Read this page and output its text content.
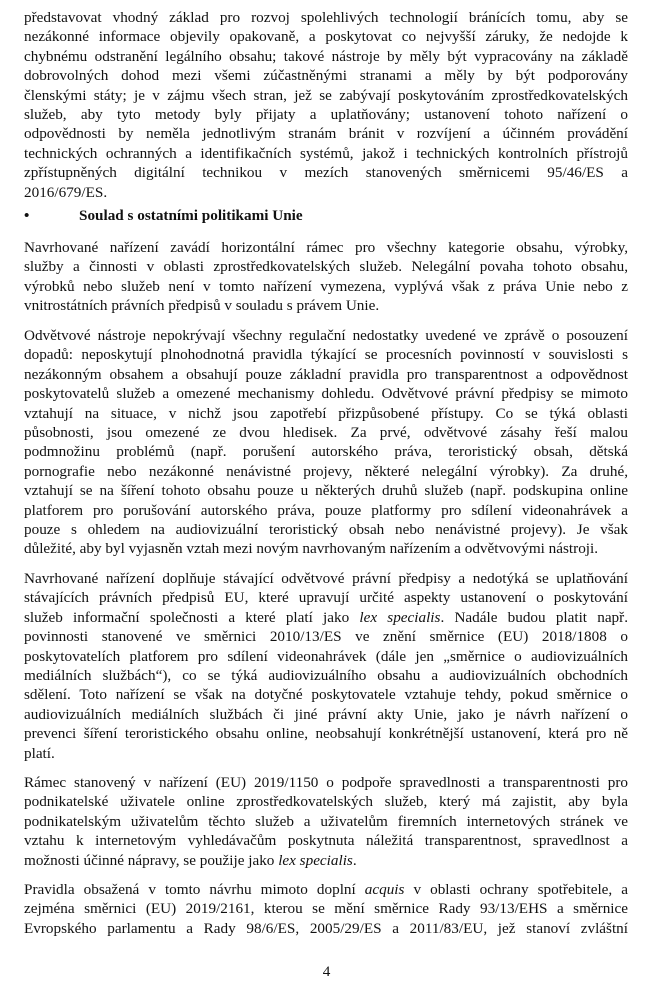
představovat vhodný základ pro rozvoj spolehlivých technologií bránících tomu, aby se
nezákonné informace objevily opakovaně, a poskytovat co nejvyšší záruky, že nedojde k
chybnému odstranění legálního obsahu; takové nástroje by měly být vypracovány na základě
dobrovolných dohod mezi všemi zúčastněnými stranami a měly by být podporovány
členskými státy; je v zájmu všech stran, jež se zabývají poskytováním zprostředkovatelských
služeb, aby tyto metody byly přijaty a uplatňovány; ustanovení tohoto nařízení o
odpovědnosti by neměla jednotlivým stranám bránit v rozvíjení a účinném provádění
technických ochranných a identifikačních systémů, jakož i technických kontrolních přístrojů
zpřístupněných digitální technikou v mezích stanovených směrnicemi 95/46/ES a
2016/679/ES.
•	Soulad s ostatními politikami Unie
Navrhované nařízení zavádí horizontální rámec pro všechny kategorie obsahu, výrobky,
služby a činnosti v oblasti zprostředkovatelských služeb. Nelegální povaha tohoto obsahu,
výrobků nebo služeb není v tomto nařízení vymezena, vyplývá však z práva Unie nebo z
vnitrostátních právních předpisů v souladu s právem Unie.
Odvětvové nástroje nepokrývají všechny regulační nedostatky uvedené ve zprávě o posouzení
dopadů: neposkytují plnohodnotná pravidla týkající se procesních povinností v souvislosti s
nezákonným obsahem a obsahují pouze základní pravidla pro transparentnost a odpovědnost
poskytovatelů služeb a omezené mechanismy dohledu. Odvětvové právní předpisy se mimoto
vztahují na situace, v nichž jsou zapotřebí přizpůsobené přístupy. Co se týká oblasti
působnosti, jsou omezené ze dvou hledisek. Za prvé, odvětvové zásahy řeší malou
podmnožinu problémů (např. porušení autorského práva, teroristický obsah, dětská
pornografie nebo nezákonné nenávistné projevy, některé nelegální výrobky). Za druhé,
vztahují se na šíření tohoto obsahu pouze u některých druhů služeb (např. podskupina online
platforem pro porušování autorského práva, pouze platformy pro sdílení videonahrávek a
pouze s ohledem na audiovizuální teroristický obsah nebo nenávistné projevy). Je však
důležité, aby byl vyjasněn vztah mezi novým navrhovaným nařízením a odvětvovými nástroji.
Navrhované nařízení doplňuje stávající odvětvové právní předpisy a nedotýká se uplatňování
stávajících právních předpisů EU, které upravují určité aspekty ustanovení o poskytování
služeb informační společnosti a které platí jako lex specialis. Nadále budou platit např.
povinnosti stanovené ve směrnici 2010/13/ES ve znění směrnice (EU) 2018/1808 o
poskytovatelích platforem pro sdílení videonahrávek (dále jen „směrnice o audiovizuálních
mediálních službách“), co se týká audiovizuálního obsahu a audiovizuálních obchodních
sdělení. Toto nařízení se však na dotyčné poskytovatele vztahuje tehdy, pokud směrnice o
audiovizuálních mediálních službách či jiné právní akty Unie, jako je návrh nařízení o
prevenci šíření teroristického obsahu online, neobsahují konkrétnější ustanovení, která pro ně
platí.
Rámec stanovený v nařízení (EU) 2019/1150 o podpoře spravedlnosti a transparentnosti pro
podnikatelské uživatele online zprostředkovatelských služeb, který má zajistit, aby byla
podnikatelským uživatelům těchto služeb a uživatelům firemních internetových stránek ve
vztahu k internetovým vyhledávačům poskytnuta náležitá transparentnost, spravedlnost a
možnosti účinné nápravy, se použije jako lex specialis.
Pravidla obsažená v tomto návrhu mimoto doplní acquis v oblasti ochrany spotřebitele, a
zejména směrnici (EU) 2019/2161, kterou se mění směrnice Rady 93/13/EHS a směrnice
Evropského parlamentu a Rady 98/6/ES, 2005/29/ES a 2011/83/EU, jež stanoví zvláštní
4
